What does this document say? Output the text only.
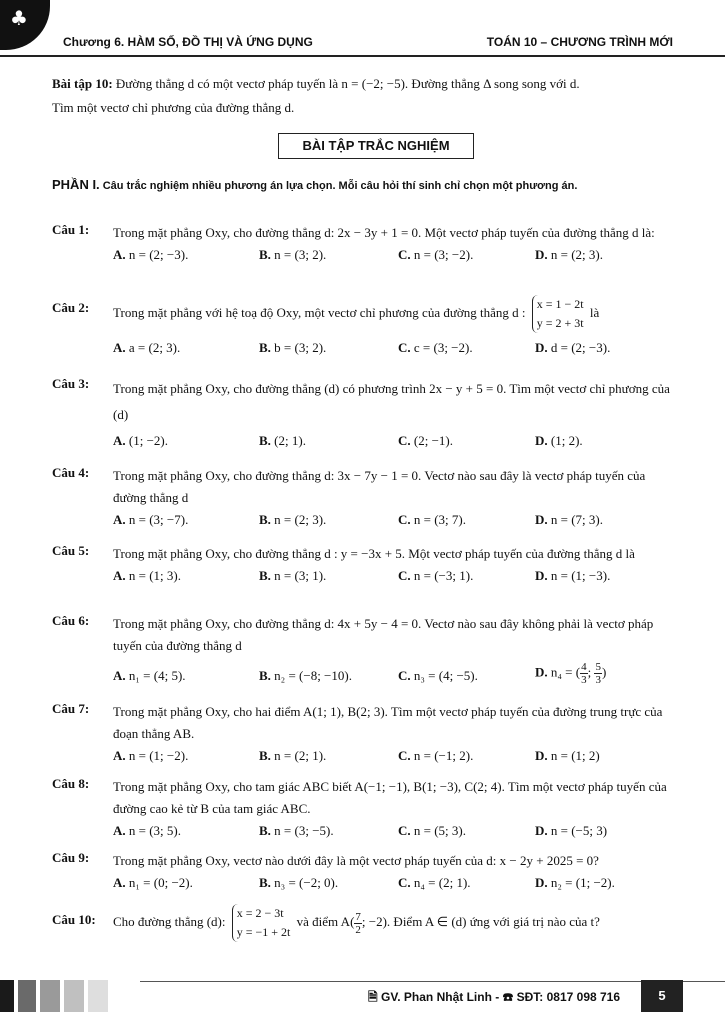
♣
Chương 6. HÀM SỐ, ĐỒ THỊ VÀ ỨNG DỤNG	TOÁN 10 – CHƯƠNG TRÌNH MỚI
Bài tập 10: Đường thẳng d có một vectơ pháp tuyến là n = (−2; −5). Đường thẳng Δ song song với d.
Tìm một vectơ chỉ phương của đường thẳng d.
BÀI TẬP TRẮC NGHIỆM
PHẦN I. Câu trắc nghiệm nhiều phương án lựa chọn. Mỗi câu hỏi thí sinh chỉ chọn một phương án.
Câu 1: Trong mặt phẳng Oxy, cho đường thẳng d: 2x − 3y + 1 = 0. Một vectơ pháp tuyến của đường thẳng d là:
A. n = (2; −3).	B. n = (3; 2).	C. n = (3; −2).	D. n = (2; 3).
Câu 2: Trong mặt phẳng với hệ toạ độ Oxy, một vectơ chỉ phương của đường thẳng d : x = 1 − 2t
y = 2 + 3t là
A. a = (2; 3).	B. b = (3; 2).	C. c = (3; −2).	D. d = (2; −3).
Câu 3: Trong mặt phẳng Oxy, cho đường thẳng (d) có phương trình 2x − y + 5 = 0. Tìm một vectơ chỉ phương của (d)
A. (1; −2).	B. (2; 1).	C. (2; −1).	D. (1; 2).
Câu 4: Trong mặt phẳng Oxy, cho đường thẳng d: 3x − 7y − 1 = 0. Vectơ nào sau đây là vectơ pháp tuyến của đường thẳng d
A. n = (3; −7).	B. n = (2; 3).	C. n = (3; 7).	D. n = (7; 3).
Câu 5: Trong mặt phẳng Oxy, cho đường thẳng d : y = −3x + 5. Một vectơ pháp tuyến của đường thẳng d là
A. n = (1; 3).	B. n = (3; 1).	C. n = (−3; 1).	D. n = (1; −3).
Câu 6: Trong mặt phẳng Oxy, cho đường thẳng d: 4x + 5y − 4 = 0. Vectơ nào sau đây không phải là vectơ pháp tuyến của đường thẳng d
A. n₁ = (4; 5).	B. n₂ = (−8; −10).	C. n₃ = (4; −5).	D. n₄ = ( $\frac{4}{3}$ ; $\frac{5}{3}$ )
Câu 7: Trong mặt phẳng Oxy, cho hai điểm A(1; 1), B(2; 3). Tìm một vectơ pháp tuyến của đường trung trực của đoạn thẳng AB.
A. n = (1; −2).	B. n = (2; 1).	C. n = (−1; 2).	D. n = (1; 2)
Câu 8: Trong mặt phẳng Oxy, cho tam giác ABC biết A(−1; −1), B(1; −3), C(2; 4). Tìm một vectơ pháp tuyến của đường cao kẻ từ B của tam giác ABC.
A. n = (3; 5).	B. n = (3; −5).	C. n = (5; 3).	D. n = (−5; 3)
Câu 9: Trong mặt phẳng Oxy, vectơ nào dưới đây là một vectơ pháp tuyến của d: x − 2y + 2025 = 0?
A. n₁ = (0; −2).	B. n₃ = (−2; 0).	C. n₄ = (2; 1).	D. n₂ = (1; −2).
Câu 10: Cho đường thẳng (d): x = 2 − 3t
y = −1 + 2t và điểm $A( \frac{7}{2}$ ; −2). Điểm A ∈ (d) ứng với giá trị nào của t?
🗎 GV. Phan Nhật Linh - ☎ SĐT: 0817 098 716	5
